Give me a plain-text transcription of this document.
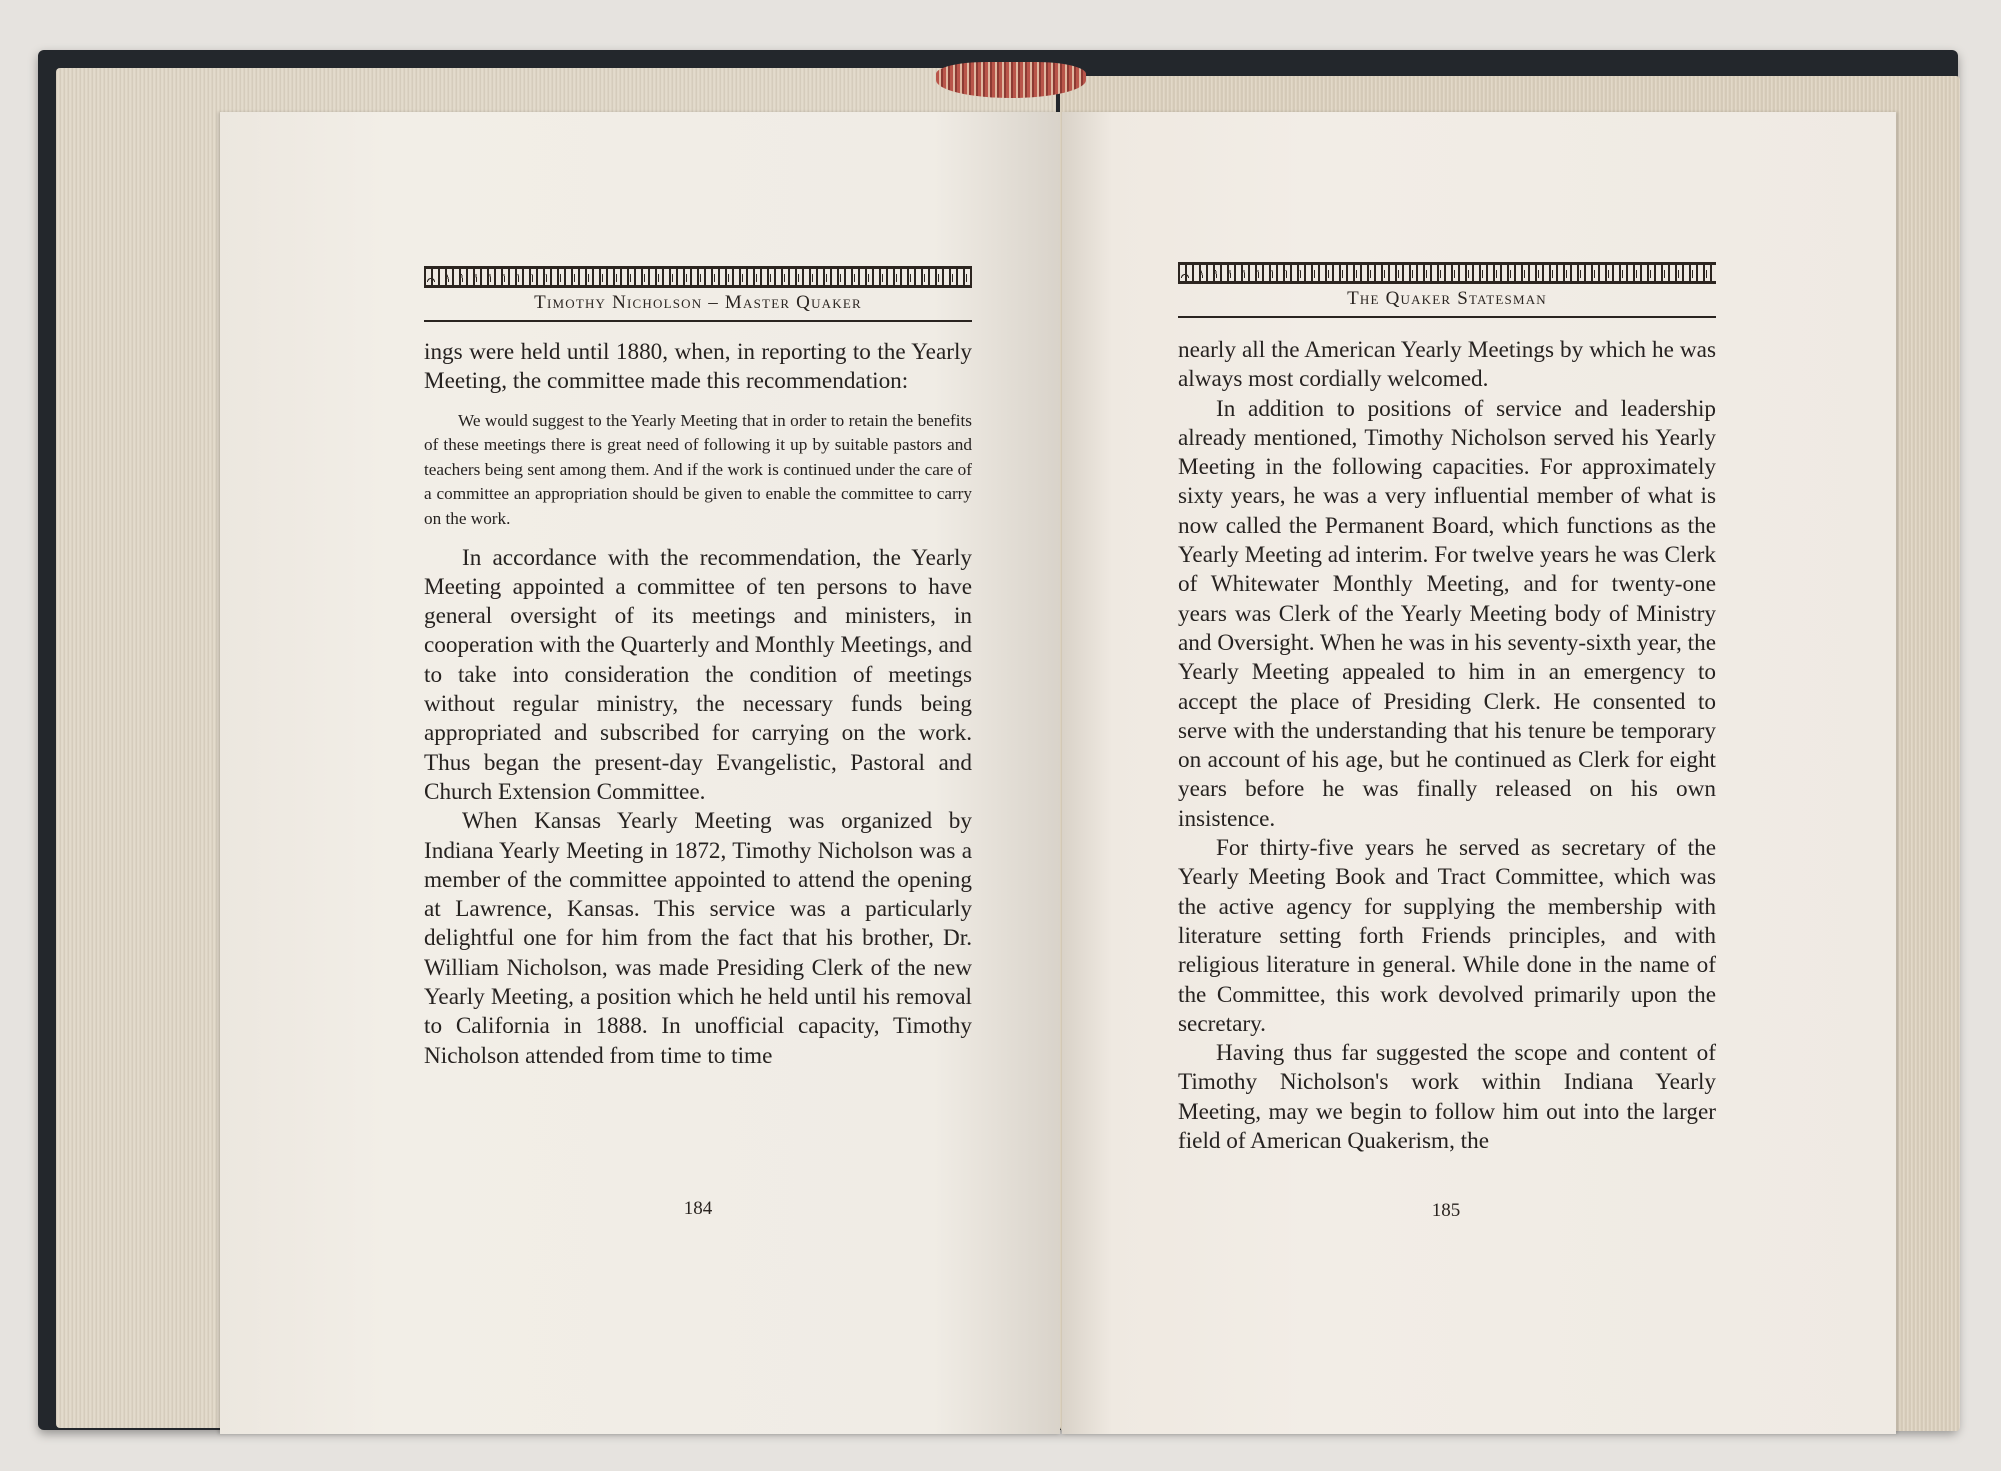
Timothy Nicholson – Master Quaker

ings were held until 1880, when, in reporting to the Yearly Meeting, the committee made this recommendation:

We would suggest to the Yearly Meeting that in order to retain the benefits of these meetings there is great need of following it up by suitable pastors and teachers being sent among them. And if the work is continued under the care of a committee an appropriation should be given to enable the committee to carry on the work.

In accordance with the recommendation, the Yearly Meeting appointed a committee of ten persons to have general oversight of its meetings and ministers, in cooperation with the Quarterly and Monthly Meetings, and to take into consideration the condition of meetings without regular ministry, the necessary funds being appropriated and subscribed for carrying on the work. Thus began the present-day Evangelistic, Pastoral and Church Extension Committee.

When Kansas Yearly Meeting was organized by Indiana Yearly Meeting in 1872, Timothy Nicholson was a member of the committee appointed to attend the opening at Lawrence, Kansas. This service was a particularly delightful one for him from the fact that his brother, Dr. William Nicholson, was made Presiding Clerk of the new Yearly Meeting, a position which he held until his removal to California in 1888. In unofficial capacity, Timothy Nicholson attended from time to time

184
The Quaker Statesman

nearly all the American Yearly Meetings by which he was always most cordially welcomed.

In addition to positions of service and leadership already mentioned, Timothy Nicholson served his Yearly Meeting in the following capacities. For approximately sixty years, he was a very influential member of what is now called the Permanent Board, which functions as the Yearly Meeting ad interim. For twelve years he was Clerk of Whitewater Monthly Meeting, and for twenty-one years was Clerk of the Yearly Meeting body of Ministry and Oversight. When he was in his seventy-sixth year, the Yearly Meeting appealed to him in an emergency to accept the place of Presiding Clerk. He consented to serve with the understanding that his tenure be temporary on account of his age, but he continued as Clerk for eight years before he was finally released on his own insistence.

For thirty-five years he served as secretary of the Yearly Meeting Book and Tract Committee, which was the active agency for supplying the membership with literature setting forth Friends principles, and with religious literature in general. While done in the name of the Committee, this work devolved primarily upon the secretary.

Having thus far suggested the scope and content of Timothy Nicholson's work within Indiana Yearly Meeting, may we begin to follow him out into the larger field of American Quakerism, the

185
